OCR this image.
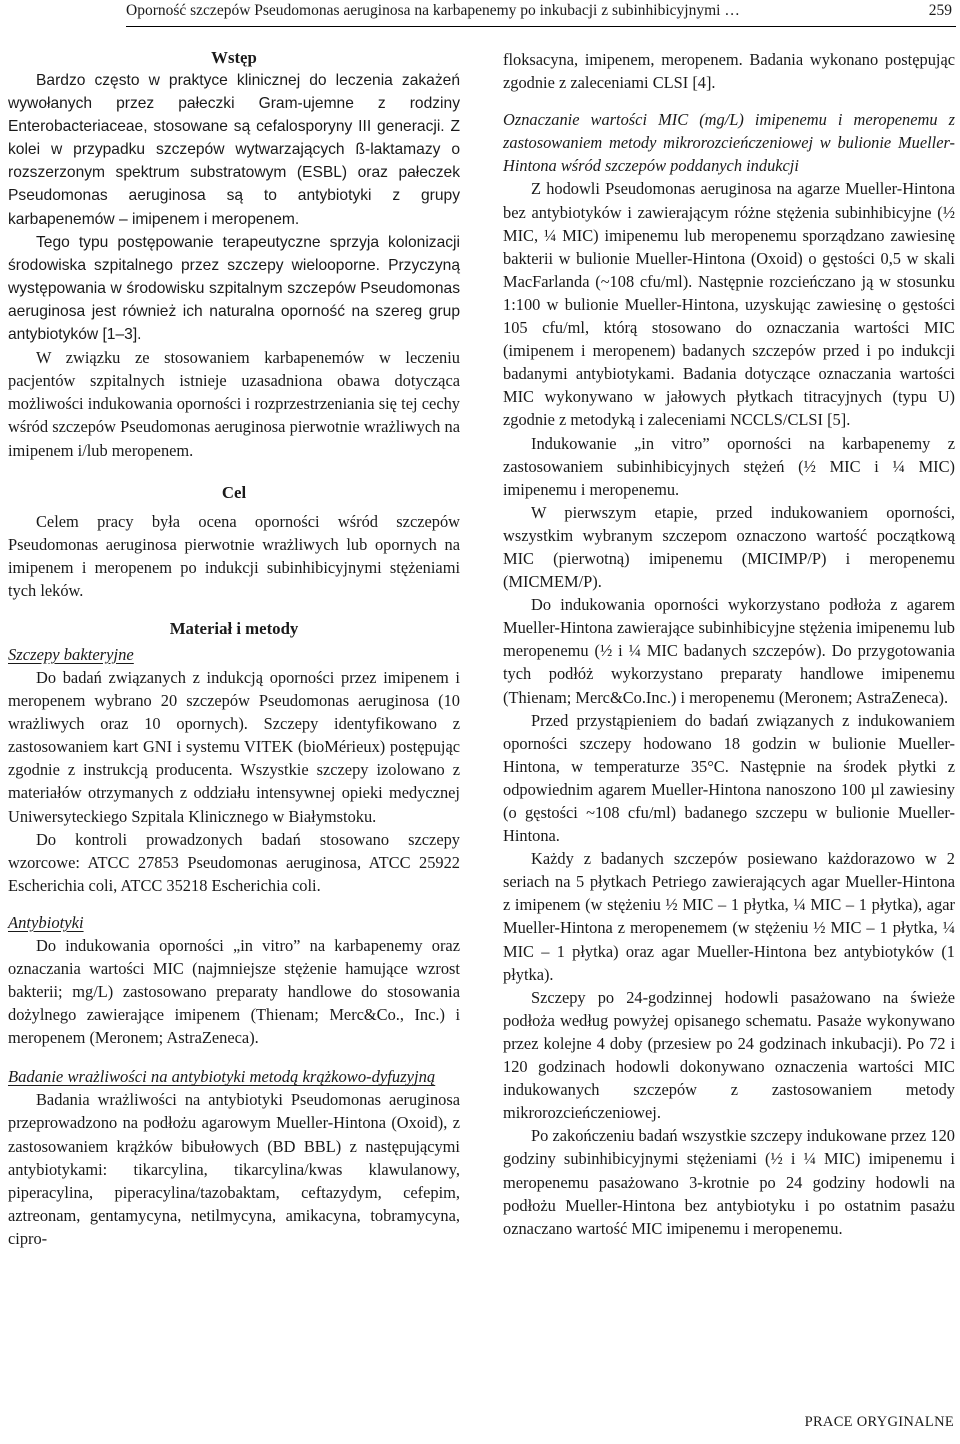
Oporność szczepów Pseudomonas aeruginosa na karbapenemy po inkubacji z subinhibicyjnymi …	259
Wstęp

Bardzo często w praktyce klinicznej do leczenia zakażeń wywołanych przez pałeczki Gram-ujemne z rodziny Enterobacteriaceae, stosowane są cefalosporyny III generacji. Z kolei w przypadku szczepów wytwarzających ß-laktamazy o rozszerzonym spektrum substratowym (ESBL) oraz pałeczek Pseudomonas aeruginosa są to antybiotyki z grupy karbapenemów – imipenem i meropenem.

Tego typu postępowanie terapeutyczne sprzyja kolonizacji środowiska szpitalnego przez szczepy wielooporne. Przyczyną występowania w środowisku szpitalnym szczepów Pseudomonas aeruginosa jest również ich naturalna oporność na szereg grup antybiotyków [1–3].

W związku ze stosowaniem karbapenemów w leczeniu pacjentów szpitalnych istnieje uzasadniona obawa dotycząca możliwości indukowania oporności i rozprzestrzeniania się tej cechy wśród szczepów Pseudomonas aeruginosa pierwotnie wrażliwych na imipenem i/lub meropenem.

Cel

Celem pracy była ocena oporności wśród szczepów Pseudomonas aeruginosa pierwotnie wrażliwych lub opornych na imipenem i meropenem po indukcji subinhibicyjnymi stężeniami tych leków.

Materiał i metody
Szczepy bakteryjne

Do badań związanych z indukcją oporności przez imipenem i meropenem wybrano 20 szczepów Pseudomonas aeruginosa (10 wrażliwych oraz 10 opornych). Szczepy identyfikowano z zastosowaniem kart GNI i systemu VITEK (bioMérieux) postępując zgodnie z instrukcją producenta. Wszystkie szczepy izolowano z materiałów otrzymanych z oddziału intensywnej opieki medycznej Uniwersyteckiego Szpitala Klinicznego w Białymstoku.

Do kontroli prowadzonych badań stosowano szczepy wzorcowe: ATCC 27853 Pseudomonas aeruginosa, ATCC 25922 Escherichia coli, ATCC 35218 Escherichia coli.

Antybiotyki

Do indukowania oporności „in vitro” na karbapenemy oraz oznaczania wartości MIC (najmniejsze stężenie hamujące wzrost bakterii; mg/L) zastosowano preparaty handlowe do stosowania dożylnego zawierające imipenem (Thienam; Merc&Co., Inc.) i meropenem (Meronem; AstraZeneca).

Badanie wrażliwości na antybiotyki metodą krążkowo-dyfuzyjną

Badania wrażliwości na antybiotyki Pseudomonas aeruginosa przeprowadzono na podłożu agarowym Mueller-Hintona (Oxoid), z zastosowaniem krążków bibułowych (BD BBL) z następującymi antybiotykami: tikarcylina, tikarcylina/kwas klawulanowy, piperacylina, piperacylina/tazobaktam, ceftazydym, cefepim, aztreonam, gentamycyna, netilmycyna, amikacyna, tobramycyna, cipro-

floksacyna, imipenem, meropenem. Badania wykonano postępując zgodnie z zaleceniami CLSI [4].

Oznaczanie wartości MIC (mg/L) imipenemu i meropenemu z zastosowaniem metody mikrorozcieńczeniowej w bulionie Mueller-Hintona wśród szczepów poddanych indukcji

Z hodowli Pseudomonas aeruginosa na agarze Mueller-Hintona bez antybiotyków i zawierającym różne stężenia subinhibicyjne (½ MIC, ¼ MIC) imipenemu lub meropenemu sporządzano zawiesinę bakterii w bulionie Mueller-Hintona (Oxoid) o gęstości 0,5 w skali MacFarlanda (~108 cfu/ml). Następnie rozcieńczano ją w stosunku 1:100 w bulionie Mueller-Hintona, uzyskując zawiesinę o gęstości 105 cfu/ml, którą stosowano do oznaczania wartości MIC (imipenem i meropenem) badanych szczepów przed i po indukcji badanymi antybiotykami. Badania dotyczące oznaczania wartości MIC wykonywano w jałowych płytkach titracyjnych (typu U) zgodnie z metodyką i zaleceniami NCCLS/CLSI [5].

Indukowanie „in vitro” oporności na karbapenemy z zastosowaniem subinhibicyjnych stężeń (½ MIC i ¼ MIC) imipenemu i meropenemu.

W pierwszym etapie, przed indukowaniem oporności, wszystkim wybranym szczepom oznaczono wartość początkową MIC (pierwotną) imipenemu (MICIMP/P) i meropenemu (MICMEM/P).

Do indukowania oporności wykorzystano podłoża z agarem Mueller-Hintona zawierające subinhibicyjne stężenia imipenemu lub meropenemu (½ i ¼ MIC badanych szczepów). Do przygotowania tych podłóż wykorzystano preparaty handlowe imipenemu (Thienam; Merc&Co.Inc.) i meropenemu (Meronem; AstraZeneca).

Przed przystąpieniem do badań związanych z indukowaniem oporności szczepy hodowano 18 godzin w bulionie Mueller-Hintona, w temperaturze 35°C. Następnie na środek płytki z odpowiednim agarem Mueller-Hintona nanoszono 100 µl zawiesiny (o gęstości ~108 cfu/ml) badanego szczepu w bulionie Mueller-Hintona.

Każdy z badanych szczepów posiewano każdorazowo w 2 seriach na 5 płytkach Petriego zawierających agar Mueller-Hintona z imipenem (w stężeniu ½ MIC – 1 płytka, ¼ MIC – 1 płytka), agar Mueller-Hintona z meropenemem (w stężeniu ½ MIC – 1 płytka, ¼ MIC – 1 płytka) oraz agar Mueller-Hintona bez antybiotyków (1 płytka).

Szczepy po 24-godzinnej hodowli pasażowano na świeże podłoża według powyżej opisanego schematu. Pasaże wykonywano przez kolejne 4 doby (przesiew po 24 godzinach inkubacji). Po 72 i 120 godzinach hodowli dokonywano oznaczenia wartości MIC indukowanych szczepów z zastosowaniem metody mikrorozcieńczeniowej.

Po zakończeniu badań wszystkie szczepy indukowane przez 120 godziny subinhibicyjnymi stężeniami (½ i ¼ MIC) imipenemu i meropenemu pasażowano 3-krotnie po 24 godziny hodowli na podłożu Mueller-Hintona bez antybiotyku i po ostatnim pasażu oznaczano wartość MIC imipenemu i meropenemu.

PRACE ORYGINALNE
